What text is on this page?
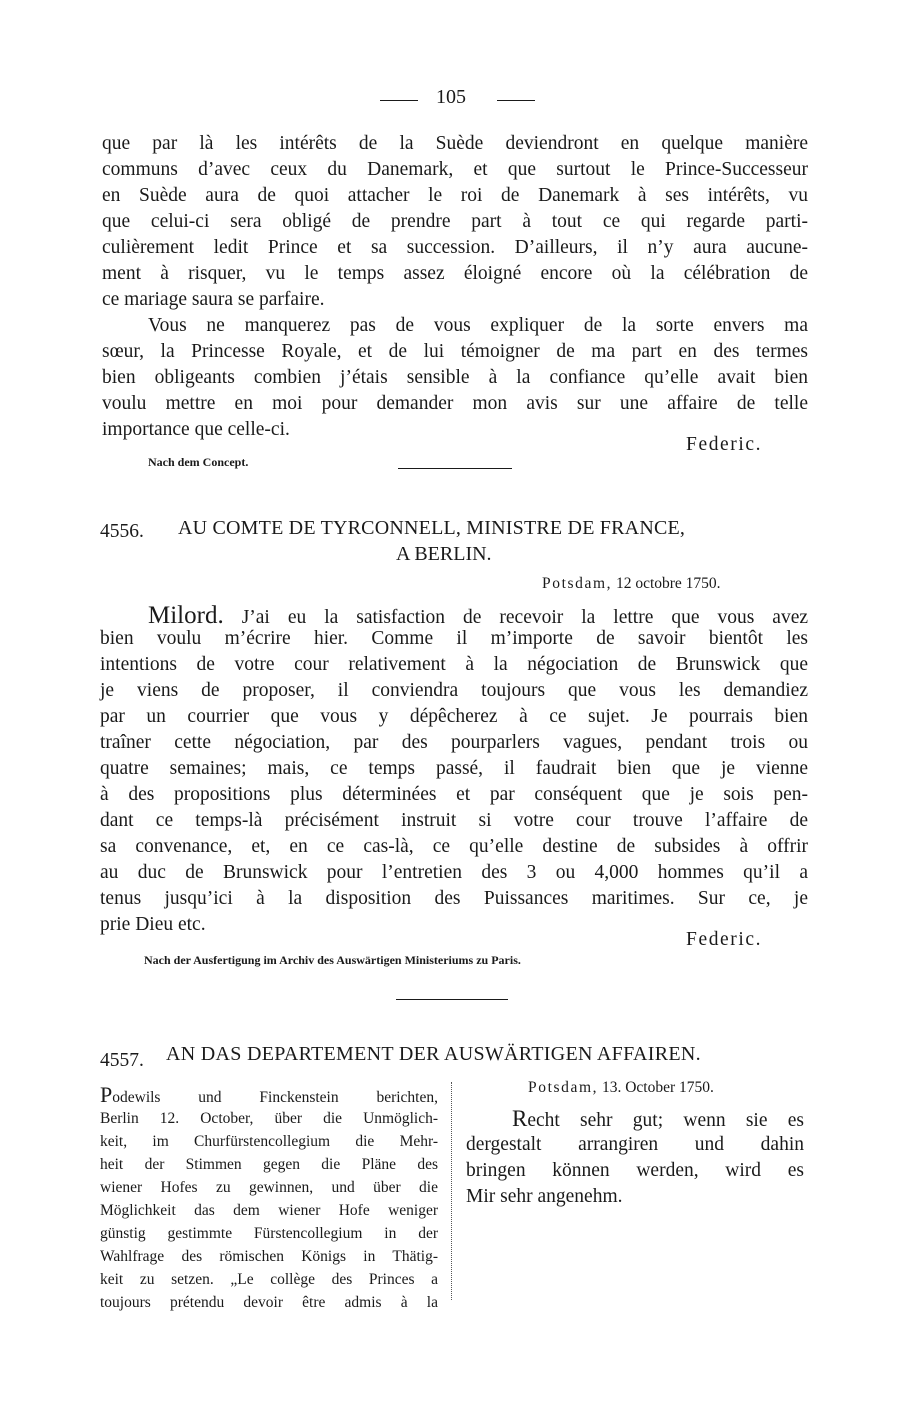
105
que par là les intérêts de la Suède deviendront en quelque manière
communs d’avec ceux du Danemark, et que surtout le Prince-Successeur
en Suède aura de quoi attacher le roi de Danemark à ses intérêts, vu
que celui-ci sera obligé de prendre part à tout ce qui regarde parti-
culièrement ledit Prince et sa succession. D’ailleurs, il n’y aura aucune-
ment à risquer, vu le temps assez éloigné encore où la célébration de
ce mariage saura se parfaire.
Vous ne manquerez pas de vous expliquer de la sorte envers ma
sœur, la Princesse Royale, et de lui témoigner de ma part en des termes
bien obligeants combien j’étais sensible à la confiance qu’elle avait bien
voulu mettre en moi pour demander mon avis sur une affaire de telle
importance que celle-ci.
Federic.
Nach dem Concept.
4556. AU COMTE DE TYRCONNELL, MINISTRE DE FRANCE,
A BERLIN.
Potsdam, 12 octobre 1750.
Milord. J’ai eu la satisfaction de recevoir la lettre que vous avez
bien voulu m’écrire hier. Comme il m’importe de savoir bientôt les
intentions de votre cour relativement à la négociation de Brunswick que
je viens de proposer, il conviendra toujours que vous les demandiez
par un courrier que vous y dépêcherez à ce sujet. Je pourrais bien
traîner cette négociation, par des pourparlers vagues, pendant trois ou
quatre semaines; mais, ce temps passé, il faudrait bien que je vienne
à des propositions plus déterminées et par conséquent que je sois pen-
dant ce temps-là précisément instruit si votre cour trouve l’affaire de
sa convenance, et, en ce cas-là, ce qu’elle destine de subsides à offrir
au duc de Brunswick pour l’entretien des 3 ou 4,000 hommes qu’il a
tenus jusqu’ici à la disposition des Puissances maritimes. Sur ce, je
prie Dieu etc.
Federic.
Nach der Ausfertigung im Archiv des Auswärtigen Ministeriums zu Paris.
4557. AN DAS DEPARTEMENT DER AUSWÄRTIGEN AFFAIREN.
Podewils und Finckenstein berichten,
Berlin 12. October, über die Unmöglich-
keit, im Churfürstencollegium die Mehr-
heit der Stimmen gegen die Pläne des
wiener Hofes zu gewinnen, und über die
Möglichkeit das dem wiener Hofe weniger
günstig gestimmte Fürstencollegium in der
Wahlfrage des römischen Königs in Thätig-
keit zu setzen. „Le collège des Princes a
toujours prétendu devoir être admis à la
Potsdam, 13. October 1750.
Recht sehr gut; wenn sie es
dergestalt arrangiren und dahin
bringen können werden, wird es
Mir sehr angenehm.
